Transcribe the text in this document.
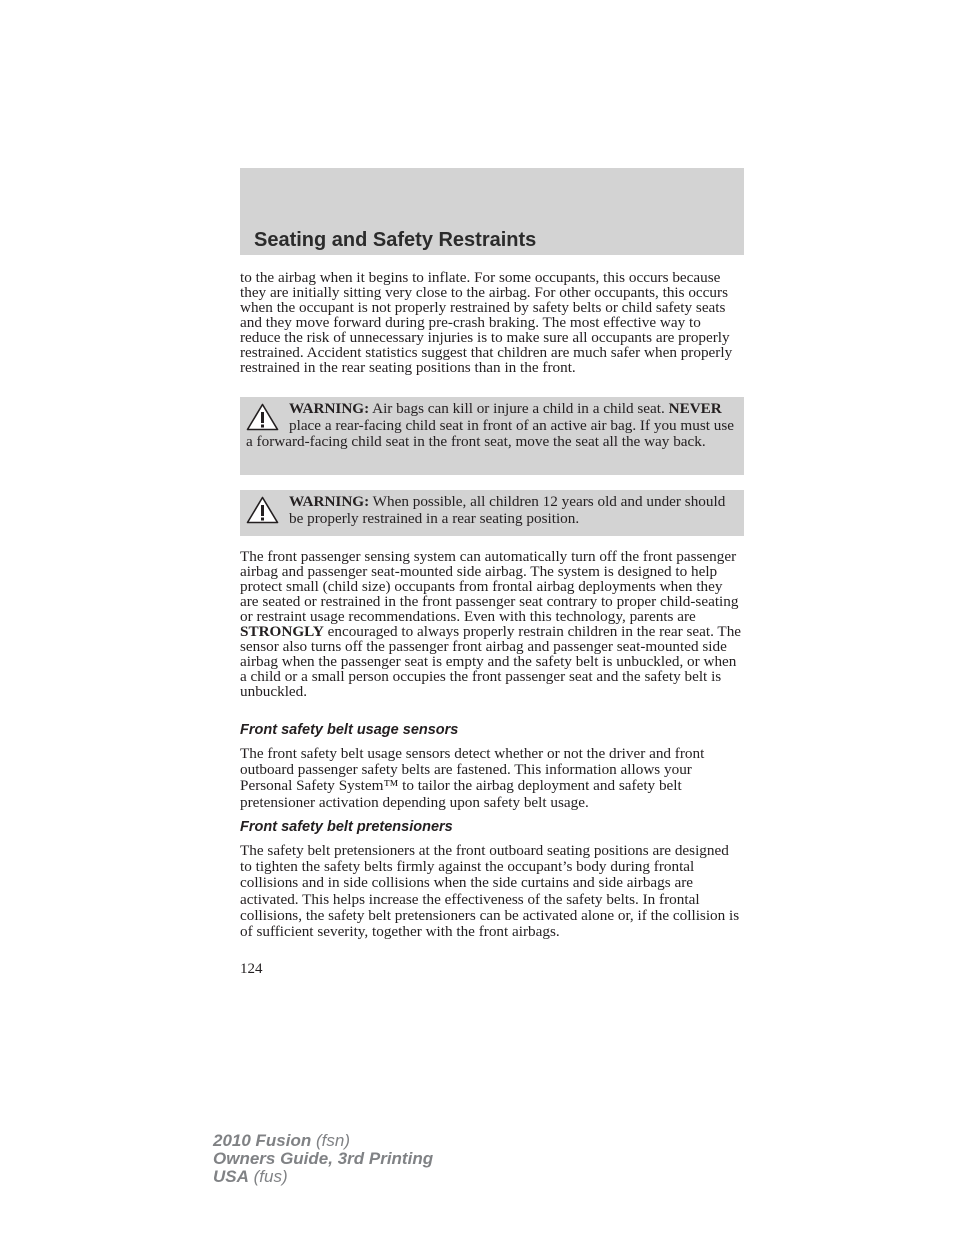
Seating and Safety Restraints

to the airbag when it begins to inflate. For some occupants, this occurs because they are initially sitting very close to the airbag. For other occupants, this occurs when the occupant is not properly restrained by safety belts or child safety seats and they move forward during pre-crash braking. The most effective way to reduce the risk of unnecessary injuries is to make sure all occupants are properly restrained. Accident statistics suggest that children are much safer when properly restrained in the rear seating positions than in the front.

WARNING: Air bags can kill or injure a child in a child seat. NEVER place a rear-facing child seat in front of an active air bag. If you must use a forward-facing child seat in the front seat, move the seat all the way back.
WARNING: When possible, all children 12 years old and under should be properly restrained in a rear seating position.

The front passenger sensing system can automatically turn off the front passenger airbag and passenger seat-mounted side airbag. The system is designed to help protect small (child size) occupants from frontal airbag deployments when they are seated or restrained in the front passenger seat contrary to proper child-seating or restraint usage recommendations. Even with this technology, parents are STRONGLY encouraged to always properly restrain children in the rear seat. The sensor also turns off the passenger front airbag and passenger seat-mounted side airbag when the passenger seat is empty and the safety belt is unbuckled, or when a child or a small person occupies the front passenger seat and the safety belt is unbuckled.

Front safety belt usage sensors

The front safety belt usage sensors detect whether or not the driver and front outboard passenger safety belts are fastened. This information allows your Personal Safety System™ to tailor the airbag deployment and safety belt pretensioner activation depending upon safety belt usage.

Front safety belt pretensioners

The safety belt pretensioners at the front outboard seating positions are designed to tighten the safety belts firmly against the occupant’s body during frontal collisions and in side collisions when the side curtains and side airbags are activated. This helps increase the effectiveness of the safety belts. In frontal collisions, the safety belt pretensioners can be activated alone or, if the collision is of sufficient severity, together with the front airbags.

124
2010 Fusion (fsn)
Owners Guide, 3rd Printing
USA (fus)
